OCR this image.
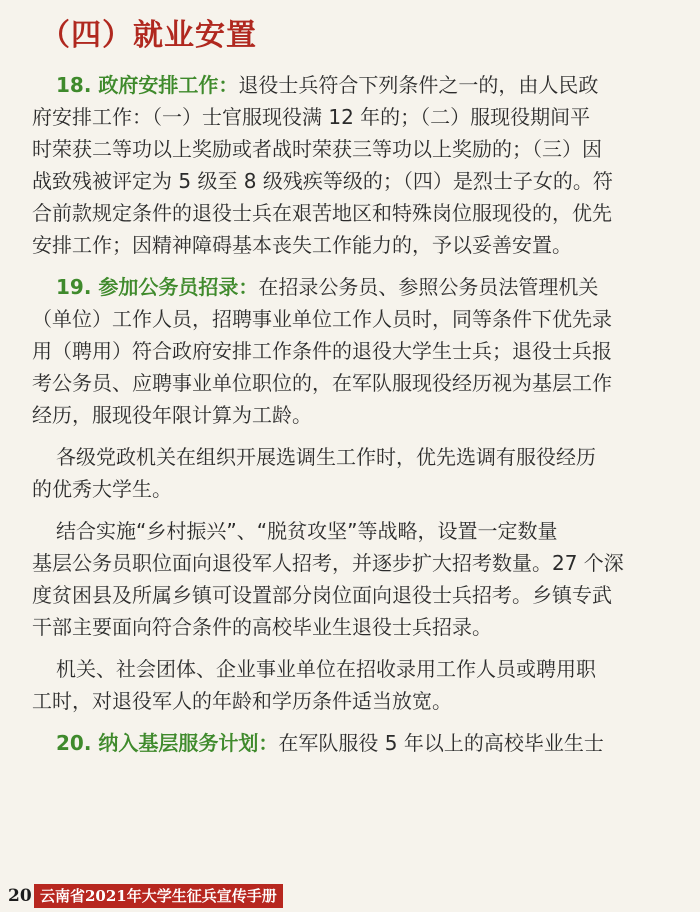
（四）就业安置
18. 政府安排工作：退役士兵符合下列条件之一的，由人民政
府安排工作：（一）士官服现役满 12 年的；（二）服现役期间平
时荣获二等功以上奖励或者战时荣获三等功以上奖励的；（三）因
战致残被评定为 5 级至 8 级残疾等级的；（四）是烈士子女的。符
合前款规定条件的退役士兵在艰苦地区和特殊岗位服现役的，优先
安排工作；因精神障碍基本丧失工作能力的，予以妥善安置。
19. 参加公务员招录：在招录公务员、参照公务员法管理机关
（单位）工作人员，招聘事业单位工作人员时，同等条件下优先录
用（聘用）符合政府安排工作条件的退役大学生士兵；退役士兵报
考公务员、应聘事业单位职位的，在军队服现役经历视为基层工作
经历，服现役年限计算为工龄。
各级党政机关在组织开展选调生工作时，优先选调有服役经历
的优秀大学生。
结合实施“乡村振兴”、“脱贫攻坚”等战略，设置一定数量
基层公务员职位面向退役军人招考，并逐步扩大招考数量。27 个深
度贫困县及所属乡镇可设置部分岗位面向退役士兵招考。乡镇专武
干部主要面向符合条件的高校毕业生退役士兵招录。
机关、社会团体、企业事业单位在招收录用工作人员或聘用职
工时，对退役军人的年龄和学历条件适当放宽。
20. 纳入基层服务计划：在军队服役 5 年以上的高校毕业生士
20 云南省2021年大学生征兵宣传手册
